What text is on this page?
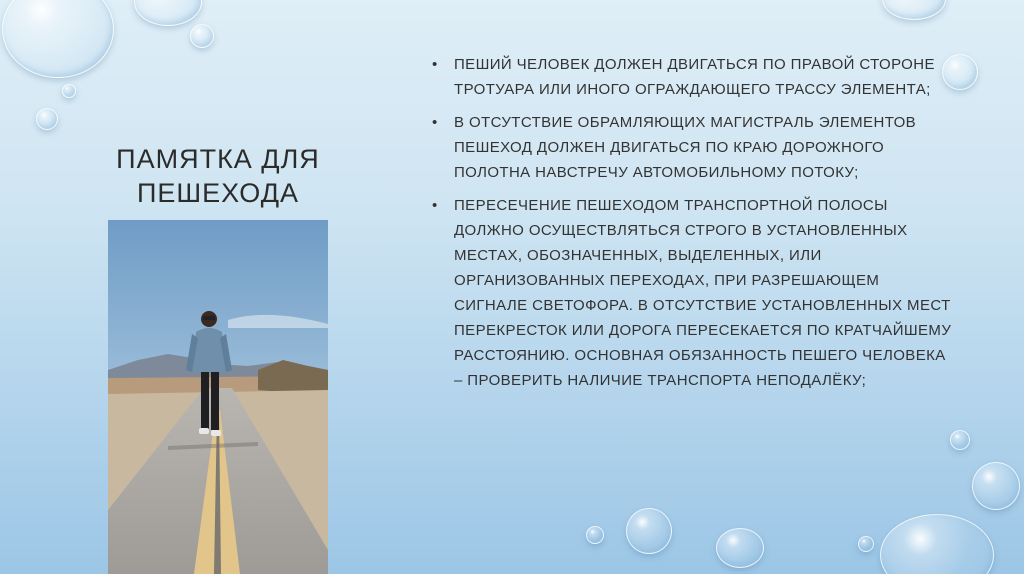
ПАМЯТКА ДЛЯ ПЕШЕХОДА
• ПЕШИЙ ЧЕЛОВЕК ДОЛЖЕН ДВИГАТЬСЯ ПО ПРАВОЙ СТОРОНЕ ТРОТУАРА ИЛИ ИНОГО ОГРАЖДАЮЩЕГО ТРАССУ ЭЛЕМЕНТА;
• В ОТСУТСТВИЕ ОБРАМЛЯЮЩИХ МАГИСТРАЛЬ ЭЛЕМЕНТОВ ПЕШЕХОД ДОЛЖЕН ДВИГАТЬСЯ ПО КРАЮ ДОРОЖНОГО ПОЛОТНА НАВСТРЕЧУ АВТОМОБИЛЬНОМУ ПОТОКУ;
• ПЕРЕСЕЧЕНИЕ ПЕШЕХОДОМ ТРАНСПОРТНОЙ ПОЛОСЫ ДОЛЖНО ОСУЩЕСТВЛЯТЬСЯ СТРОГО В УСТАНОВЛЕННЫХ МЕСТАХ, ОБОЗНАЧЕННЫХ, ВЫДЕЛЕННЫХ, ИЛИ ОРГАНИЗОВАННЫХ ПЕРЕХОДАХ, ПРИ РАЗРЕШАЮЩЕМ СИГНАЛЕ СВЕТОФОРА. В ОТСУТСТВИЕ УСТАНОВЛЕННЫХ МЕСТ ПЕРЕКРЕСТОК ИЛИ ДОРОГА ПЕРЕСЕКАЕТСЯ ПО КРАТЧАЙШЕМУ РАССТОЯНИЮ. ОСНОВНАЯ ОБЯЗАННОСТЬ ПЕШЕГО ЧЕЛОВЕКА – ПРОВЕРИТЬ НАЛИЧИЕ ТРАНСПОРТА НЕПОДАЛЁКУ;
